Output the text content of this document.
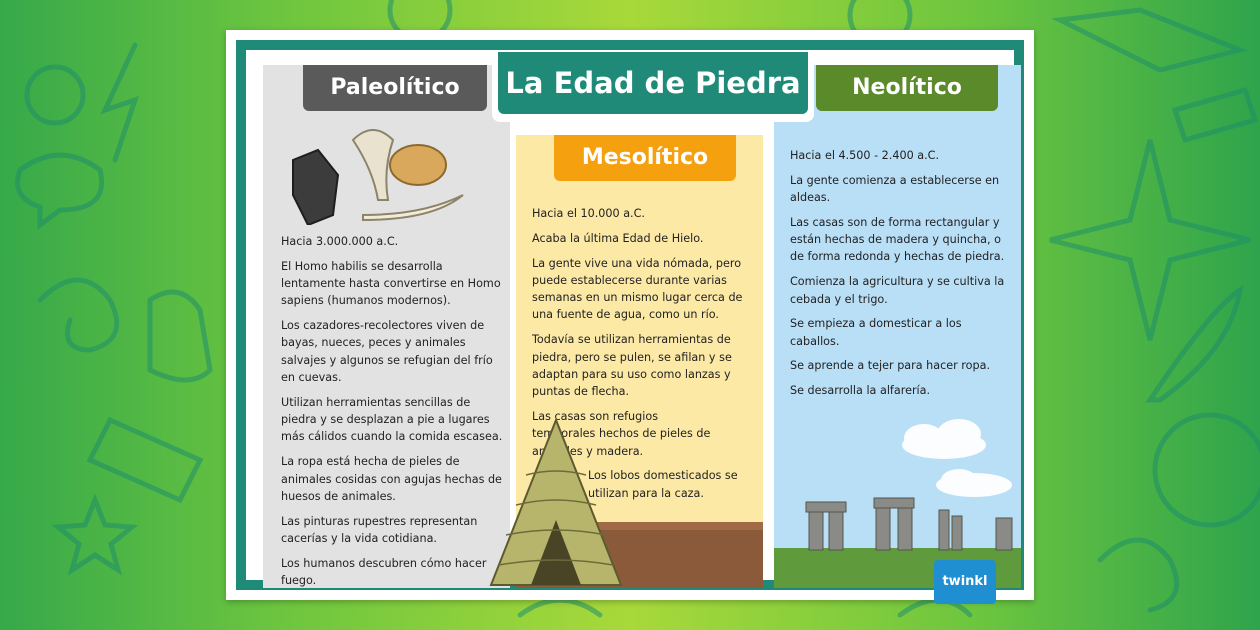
Paleolítico

Hacia 3.000.000 a.C.

El Homo habilis se desarrolla lentamente hasta convertirse en Homo sapiens (humanos modernos).

Los cazadores-recolectores viven de bayas, nueces, peces y animales salvajes y algunos se refugian del frío en cuevas.

Utilizan herramientas sencillas de piedra y se desplazan a pie a lugares más cálidos cuando la comida escasea.

La ropa está hecha de pieles de animales cosidas con agujas hechas de huesos de animales.

Las pinturas rupestres representan cacerías y la vida cotidiana.

Los humanos descubren cómo hacer fuego.

Mesolítico

Hacia el 10.000 a.C.

Acaba la última Edad de Hielo.

La gente vive una vida nómada, pero puede establecerse durante varias semanas en un mismo lugar cerca de una fuente de agua, como un río.

Todavía se utilizan herramientas de piedra, pero se pulen, se afilan y se adaptan para su uso como lanzas y puntas de flecha.

Las casas son refugios temporales hechos de pieles de animales y madera.

Los lobos domesticados se utilizan para la caza.

Neolítico

Hacia el 4.500 - 2.400 a.C.

La gente comienza a establecerse en aldeas.

Las casas son de forma rectangular y están hechas de madera y quincha, o de forma redonda y hechas de piedra.

Comienza la agricultura y se cultiva la cebada y el trigo.

Se empieza a domesticar a los caballos.

Se aprende a tejer para hacer ropa.

Se desarrolla la alfarería.

La Edad de Piedra
twinkl
